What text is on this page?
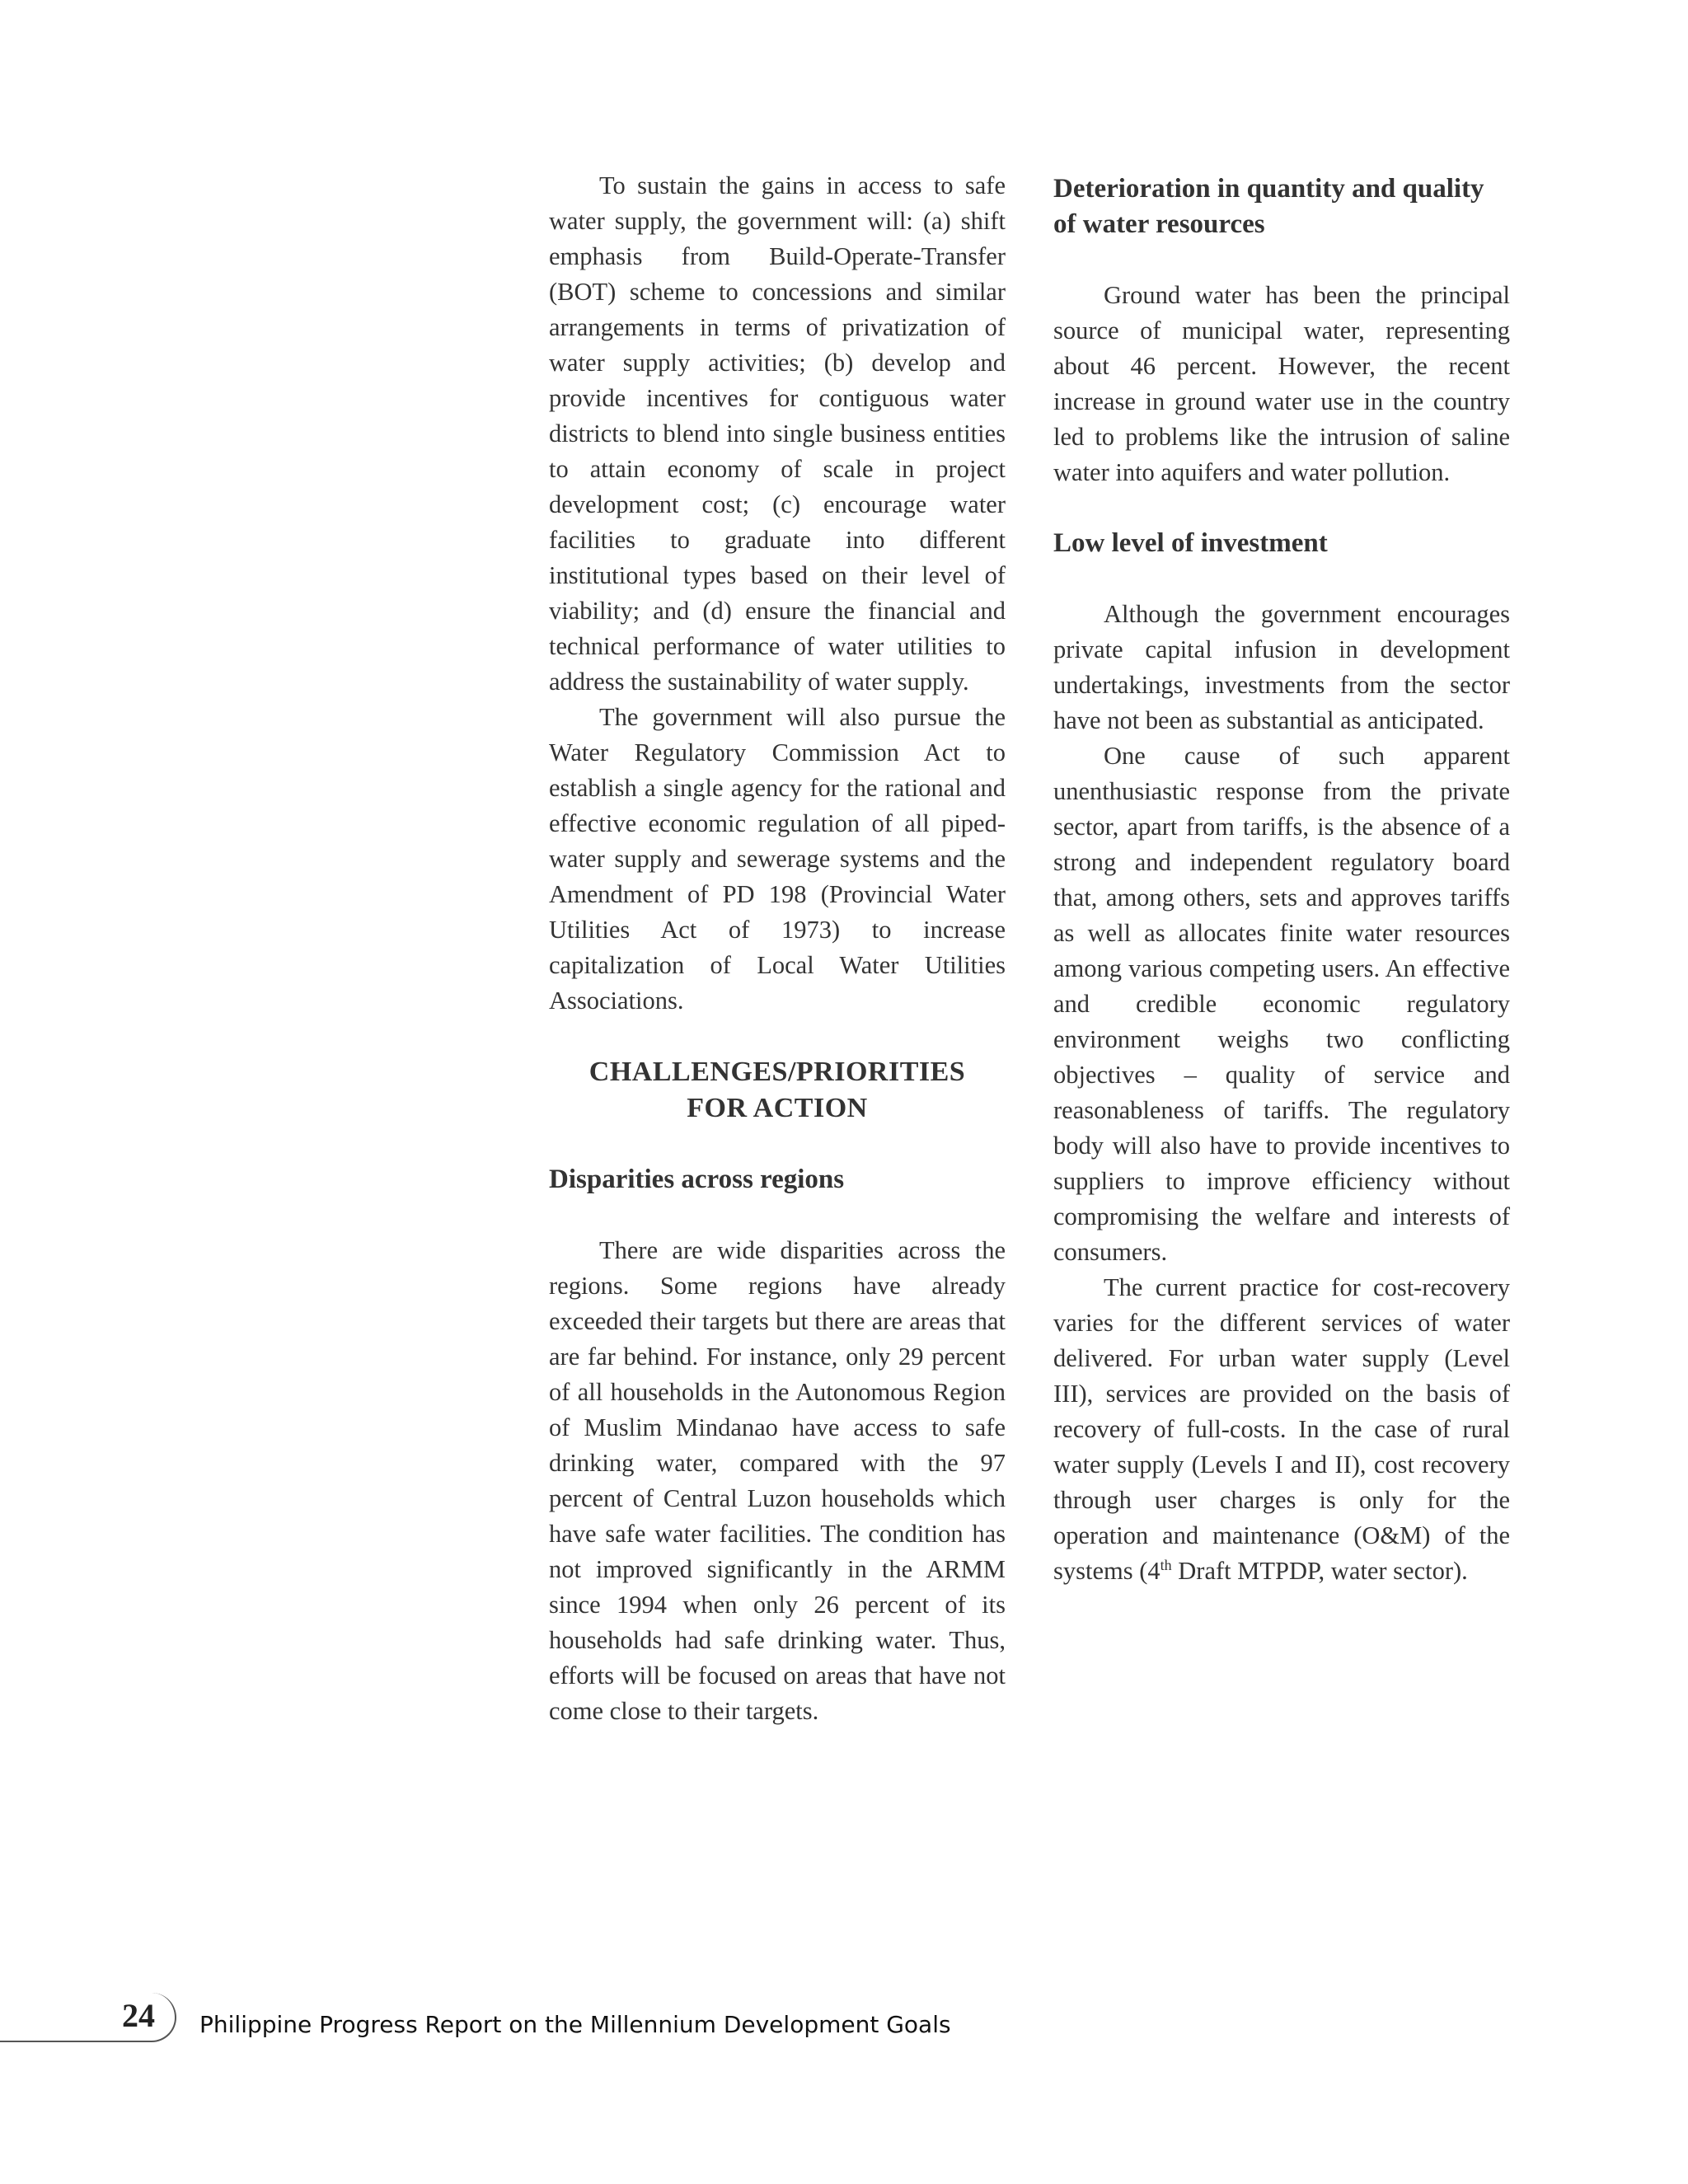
To sustain the gains in access to safe water supply, the government will: (a) shift emphasis from Build-Operate-Transfer (BOT) scheme to concessions and similar arrangements in terms of privatization of water supply activities; (b) develop and provide incentives for contiguous water districts to blend into single business entities to attain economy of scale in project development cost; (c) encourage water facilities to graduate into different institutional types based on their level of viability; and (d) ensure the financial and technical performance of water utilities to address the sustainability of water supply.

The government will also pursue the Water Regulatory Commission Act to establish a single agency for the rational and effective economic regulation of all piped-water supply and sewerage systems and the Amendment of PD 198 (Provincial Water Utilities Act of 1973) to increase capitalization of Local Water Utilities Associations.

CHALLENGES/PRIORITIES
FOR ACTION
Disparities across regions

There are wide disparities across the regions. Some regions have already exceeded their targets but there are areas that are far behind. For instance, only 29 percent of all households in the Autonomous Region of Muslim Mindanao have access to safe drinking water, compared with the 97 percent of Central Luzon households which have safe water facilities. The condition has not improved significantly in the ARMM since 1994 when only 26 percent of its households had safe drinking water. Thus, efforts will be focused on areas that have not come close to their targets.

Deterioration in quantity and quality of water resources

Ground water has been the principal source of municipal water, representing about 46 percent. However, the recent increase in ground water use in the country led to problems like the intrusion of saline water into aquifers and water pollution.

Low level of investment

Although the government encourages private capital infusion in development undertakings, investments from the sector have not been as substantial as anticipated.

One cause of such apparent unenthusiastic response from the private sector, apart from tariffs, is the absence of a strong and independent regulatory board that, among others, sets and approves tariffs as well as allocates finite water resources among various competing users. An effective and credible economic regulatory environment weighs two conflicting objectives – quality of service and reasonableness of tariffs. The regulatory body will also have to provide incentives to suppliers to improve efficiency without compromising the welfare and interests of consumers.

The current practice for cost-recovery varies for the different services of water delivered. For urban water supply (Level III), services are provided on the basis of recovery of full-costs. In the case of rural water supply (Levels I and II), cost recovery through user charges is only for the operation and maintenance (O&M) of the systems (4th Draft MTPDP, water sector).

24 Philippine Progress Report on the Millennium Development Goals
